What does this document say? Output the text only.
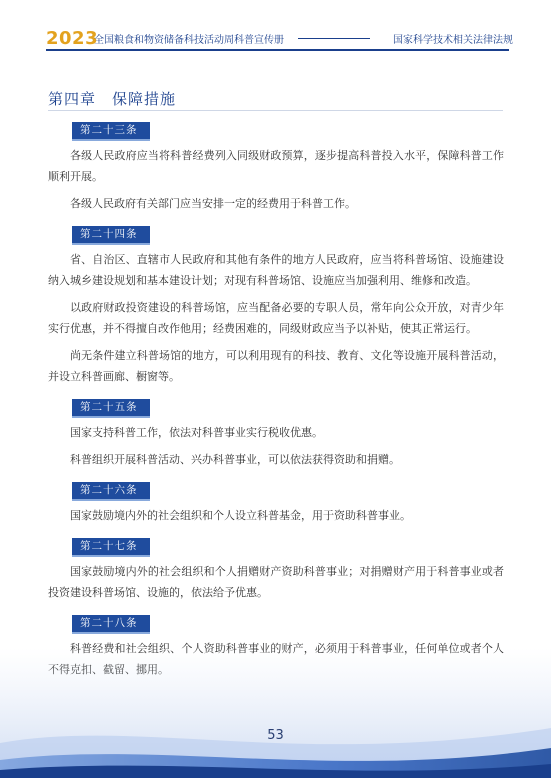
2023
全国粮食和物资储备科技活动周科普宣传册	国家科学技术相关法律法规
第四章　保障措施
第二十三条

各级人民政府应当将科普经费列入同级财政预算，逐步提高科普投入水平，保障科普工作顺利开展。

各级人民政府有关部门应当安排一定的经费用于科普工作。

第二十四条

省、自治区、直辖市人民政府和其他有条件的地方人民政府，应当将科普场馆、设施建设纳入城乡建设规划和基本建设计划；对现有科普场馆、设施应当加强利用、维修和改造。

以政府财政投资建设的科普场馆，应当配备必要的专职人员，常年向公众开放，对青少年实行优惠，并不得擅自改作他用；经费困难的，同级财政应当予以补贴，使其正常运行。

尚无条件建立科普场馆的地方，可以利用现有的科技、教育、文化等设施开展科普活动，并设立科普画廊、橱窗等。

第二十五条

国家支持科普工作，依法对科普事业实行税收优惠。

科普组织开展科普活动、兴办科普事业，可以依法获得资助和捐赠。

第二十六条

国家鼓励境内外的社会组织和个人设立科普基金，用于资助科普事业。

第二十七条

国家鼓励境内外的社会组织和个人捐赠财产资助科普事业；对捐赠财产用于科普事业或者投资建设科普场馆、设施的，依法给予优惠。

第二十八条

53
